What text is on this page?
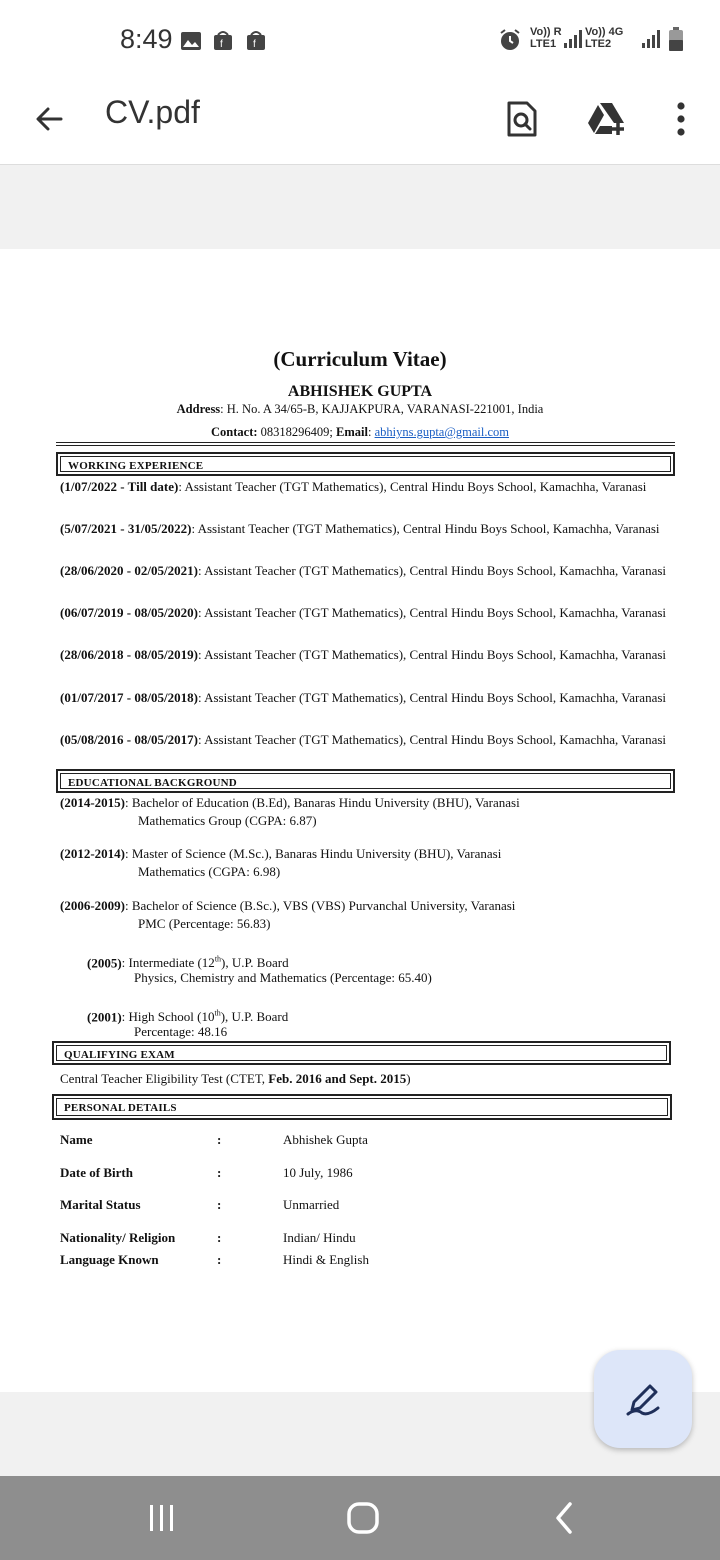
8:49	f	f
Vo)) R
LTE1
Vo)) 4G
LTE2
CV.pdf
(Curriculum Vitae)
ABHISHEK GUPTA
Address: H. No. A 34/65-B, KAJJAKPURA, VARANASI-221001, India
Contact: 08318296409; Email: abhiyns.gupta@gmail.com
WORKING EXPERIENCE
(1/07/2022 - Till date): Assistant Teacher (TGT Mathematics), Central Hindu Boys School, Kamachha, Varanasi
(5/07/2021 - 31/05/2022): Assistant Teacher (TGT Mathematics), Central Hindu Boys School, Kamachha, Varanasi
(28/06/2020 - 02/05/2021): Assistant Teacher (TGT Mathematics), Central Hindu Boys School, Kamachha, Varanasi
(06/07/2019 - 08/05/2020): Assistant Teacher (TGT Mathematics), Central Hindu Boys School, Kamachha, Varanasi
(28/06/2018 - 08/05/2019): Assistant Teacher (TGT Mathematics), Central Hindu Boys School, Kamachha, Varanasi
(01/07/2017 - 08/05/2018): Assistant Teacher (TGT Mathematics), Central Hindu Boys School, Kamachha, Varanasi
(05/08/2016 - 08/05/2017): Assistant Teacher (TGT Mathematics), Central Hindu Boys School, Kamachha, Varanasi
EDUCATIONAL BACKGROUND
(2014-2015): Bachelor of Education (B.Ed), Banaras Hindu University (BHU), Varanasi
Mathematics Group (CGPA: 6.87)
(2012-2014): Master of Science (M.Sc.), Banaras Hindu University (BHU), Varanasi
Mathematics (CGPA: 6.98)
(2006-2009): Bachelor of Science (B.Sc.), VBS (VBS) Purvanchal University, Varanasi
PMC (Percentage: 56.83)
(2005): Intermediate (12th), U.P. Board
Physics, Chemistry and Mathematics (Percentage: 65.40)
(2001): High School (10th), U.P. Board
Percentage: 48.16
QUALIFYING EXAM
Central Teacher Eligibility Test (CTET, Feb. 2016 and Sept. 2015)
PERSONAL DETAILS
Name	:	Abhishek Gupta
Date of Birth	:	10 July, 1986
Marital Status	:	Unmarried
Nationality/ Religion	:	Indian/ Hindu
Language Known	:	Hindi & English
